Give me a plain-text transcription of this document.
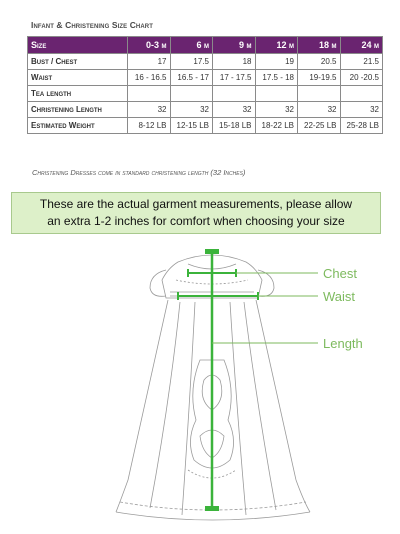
Infant & Christening Size Chart
Size	0-3 m	6 m	9 m	12 m	18 m	24 m
Bust / Chest	17	17.5	18	19	20.5	21.5
Waist	16 - 16.5	16.5 - 17	17 - 17.5	17.5 - 18	19-19.5	20 -20.5
Tea length						
Christening Length	32	32	32	32	32	32
Estimated Weight	8-12 LB	12-15 LB	15-18 LB	18-22 LB	22-25 LB	25-28 LB
Christening Dresses come in standard christening length (32 Inches)
These are the actual garment measurements, please allow
an extra 1-2 inches for comfort when choosing your size
Chest
Waist
Length
